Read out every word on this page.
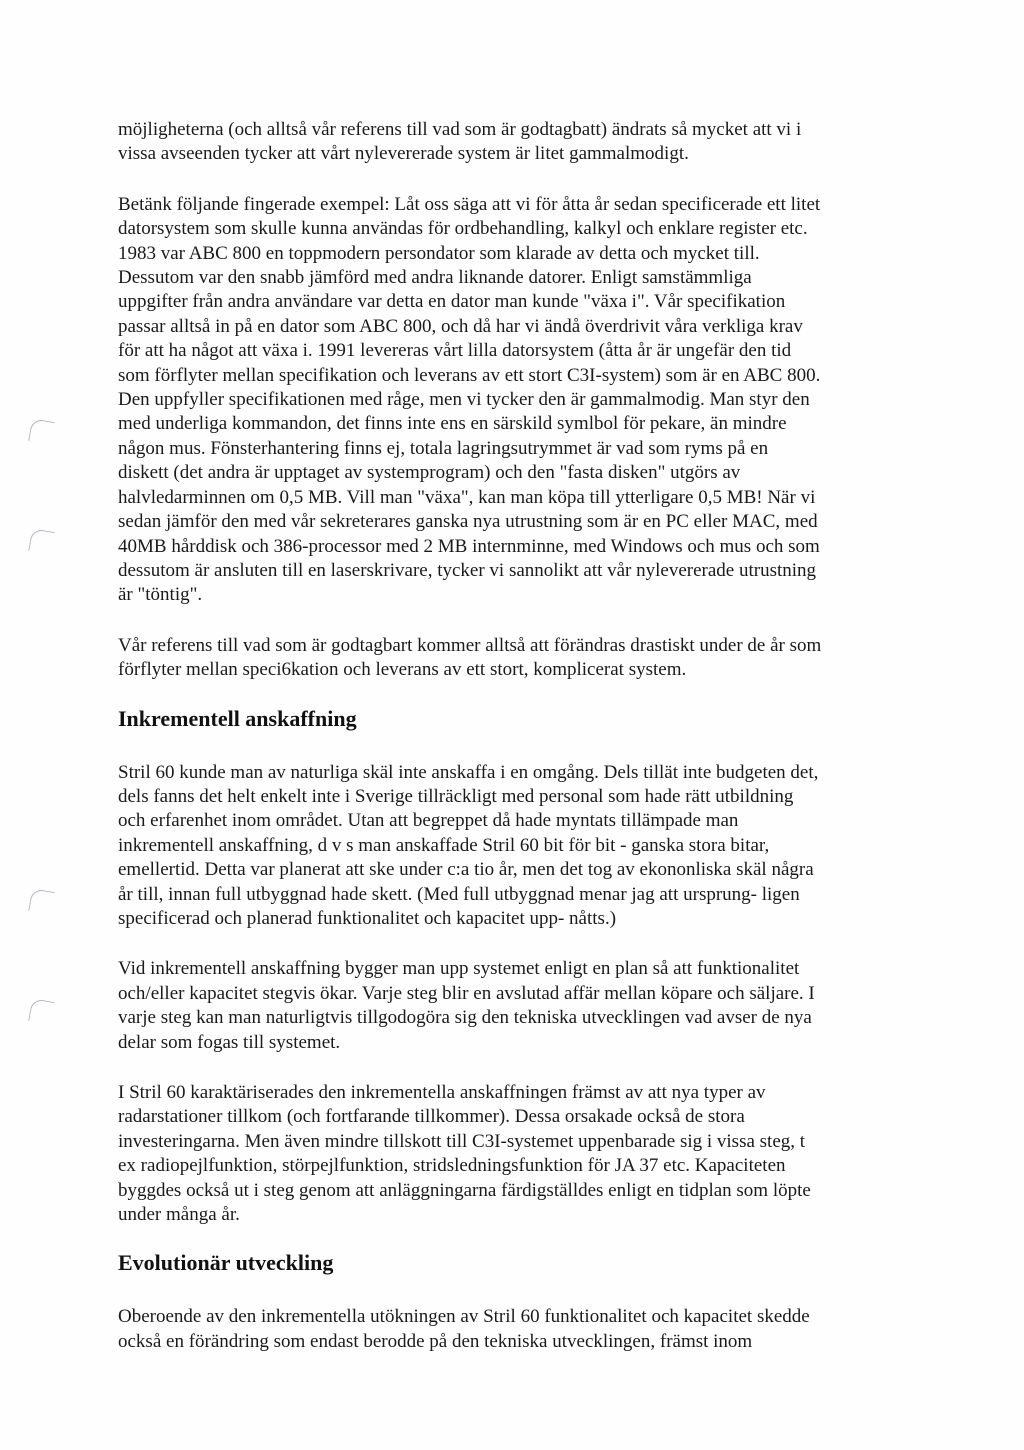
möjligheterna (och alltså vår referens till vad som är godtagbatt) ändrats så mycket att vi i
vissa avseenden tycker att vårt nylevererade system är litet gammalmodigt.

Betänk följande fingerade exempel: Låt oss säga att vi för åtta år sedan specificerade ett litet
datorsystem som skulle kunna användas för ordbehandling, kalkyl och enklare register etc.
1983 var ABC 800 en toppmodern persondator som klarade av detta och mycket till.
Dessutom var den snabb jämförd med andra liknande datorer. Enligt samstämmliga
uppgifter från andra användare var detta en dator man kunde "växa i". Vår specifikation
passar alltså in på en dator som ABC 800, och då har vi ändå överdrivit våra verkliga krav
för att ha något att växa i. 1991 levereras vårt lilla datorsystem (åtta år är ungefär den tid
som förflyter mellan specifikation och leverans av ett stort C3I-system) som är en ABC 800.
Den uppfyller specifikationen med råge, men vi tycker den är gammalmodig. Man styr den
med underliga kommandon, det finns inte ens en särskild symlbol för pekare, än mindre
någon mus. Fönsterhantering finns ej, totala lagringsutrymmet är vad som ryms på en
diskett (det andra är upptaget av systemprogram) och den "fasta disken" utgörs av
halvledarminnen om 0,5 MB. Vill man "växa", kan man köpa till ytterligare 0,5 MB! När vi
sedan jämför den med vår sekreterares ganska nya utrustning som är en PC eller MAC, med
40MB hårddisk och 386-processor med 2 MB internminne, med Windows och mus och som
dessutom är ansluten till en laserskrivare, tycker vi sannolikt att vår nylevererade utrustning
är "töntig".

Vår referens till vad som är godtagbart kommer alltså att förändras drastiskt under de år som
förflyter mellan speci6kation och leverans av ett stort, komplicerat system.

Inkrementell anskaffning

Stril 60 kunde man av naturliga skäl inte anskaffa i en omgång. Dels tillät inte budgeten det,
dels fanns det helt enkelt inte i Sverige tillräckligt med personal som hade rätt utbildning
och erfarenhet inom området. Utan att begreppet då hade myntats tillämpade man
inkrementell anskaffning, d v s man anskaffade Stril 60 bit för bit - ganska stora bitar,
emellertid. Detta var planerat att ske under c:a tio år, men det tog av ekononliska skäl några
år till, innan full utbyggnad hade skett. (Med full utbyggnad menar jag att ursprung- ligen
specificerad och planerad funktionalitet och kapacitet upp- nåtts.)

Vid inkrementell anskaffning bygger man upp systemet enligt en plan så att funktionalitet
och/eller kapacitet stegvis ökar. Varje steg blir en avslutad affär mellan köpare och säljare. I
varje steg kan man naturligtvis tillgodogöra sig den tekniska utvecklingen vad avser de nya
delar som fogas till systemet.

I Stril 60 karaktäriserades den inkrementella anskaffningen främst av att nya typer av
radarstationer tillkom (och fortfarande tillkommer). Dessa orsakade också de stora
investeringarna. Men även mindre tillskott till C3I-systemet uppenbarade sig i vissa steg, t
ex radiopejlfunktion, störpejlfunktion, stridsledningsfunktion för JA 37 etc. Kapaciteten
byggdes också ut i steg genom att anläggningarna färdigställdes enligt en tidplan som löpte
under många år.

Evolutionär utveckling

Oberoende av den inkrementella utökningen av Stril 60 funktionalitet och kapacitet skedde
också en förändring som endast berodde på den tekniska utvecklingen, främst inom
